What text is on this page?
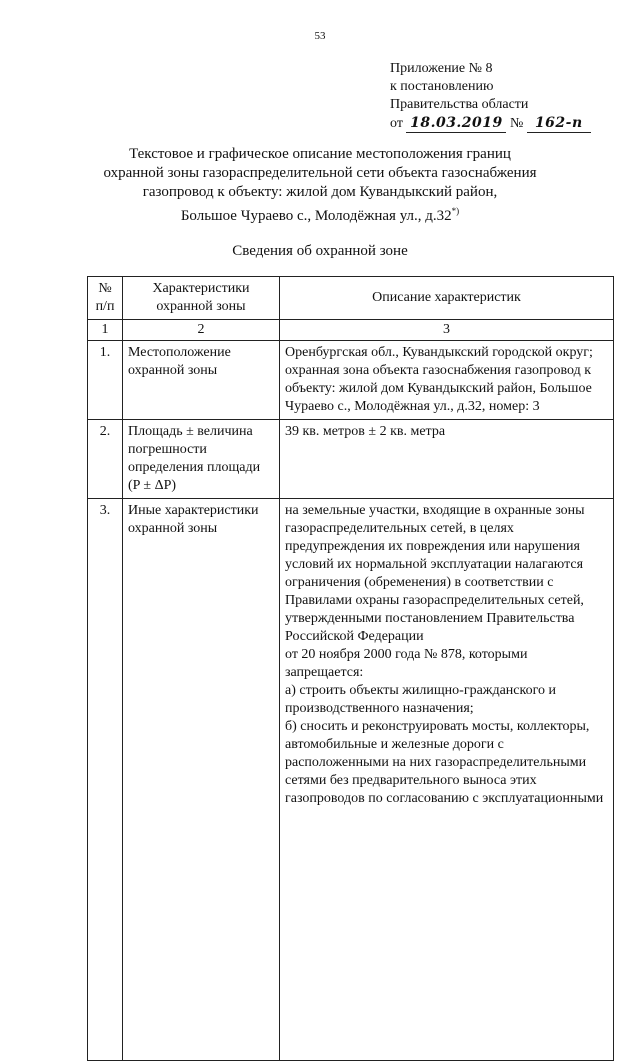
53
Приложение № 8
к постановлению
Правительства области
от 18.03.2019 № 162-п
Текстовое и графическое описание местоположения границ
охранной зоны газораспределительной сети объекта газоснабжения
газопровод к объекту: жилой дом Кувандыкский район,
Большое Чураево с., Молодёжная ул., д.32*)
Сведения об охранной зоне
№ п/п	Характеристики охранной зоны	Описание характеристик
1	2	3
1.	Местоположение охранной зоны	Оренбургская обл., Кувандыкский городской округ; охранная зона объекта газоснабжения газопровод к объекту: жилой дом Кувандыкский район, Большое Чураево с., Молодёжная ул., д.32, номер: 3
2.	Площадь ± величина погрешности определения площади (P ± ΔP)	39 кв. метров ± 2 кв. метра
3.	Иные характеристики охранной зоны	на земельные участки, входящие в охранные зоны газораспределительных сетей, в целях предупреждения их повреждения или нарушения условий их нормальной эксплуатации налагаются ограничения (обременения) в соответствии с Правилами охраны газораспределительных сетей, утвержденными постановлением Правительства Российской Федерации
от 20 ноября 2000 года № 878, которыми запрещается:
а) строить объекты жилищно-гражданского и производственного назначения;
б) сносить и реконструировать мосты, коллекторы, автомобильные и железные дороги с расположенными на них газораспределительными сетями без предварительного выноса этих газопроводов по согласованию с эксплуатационными
